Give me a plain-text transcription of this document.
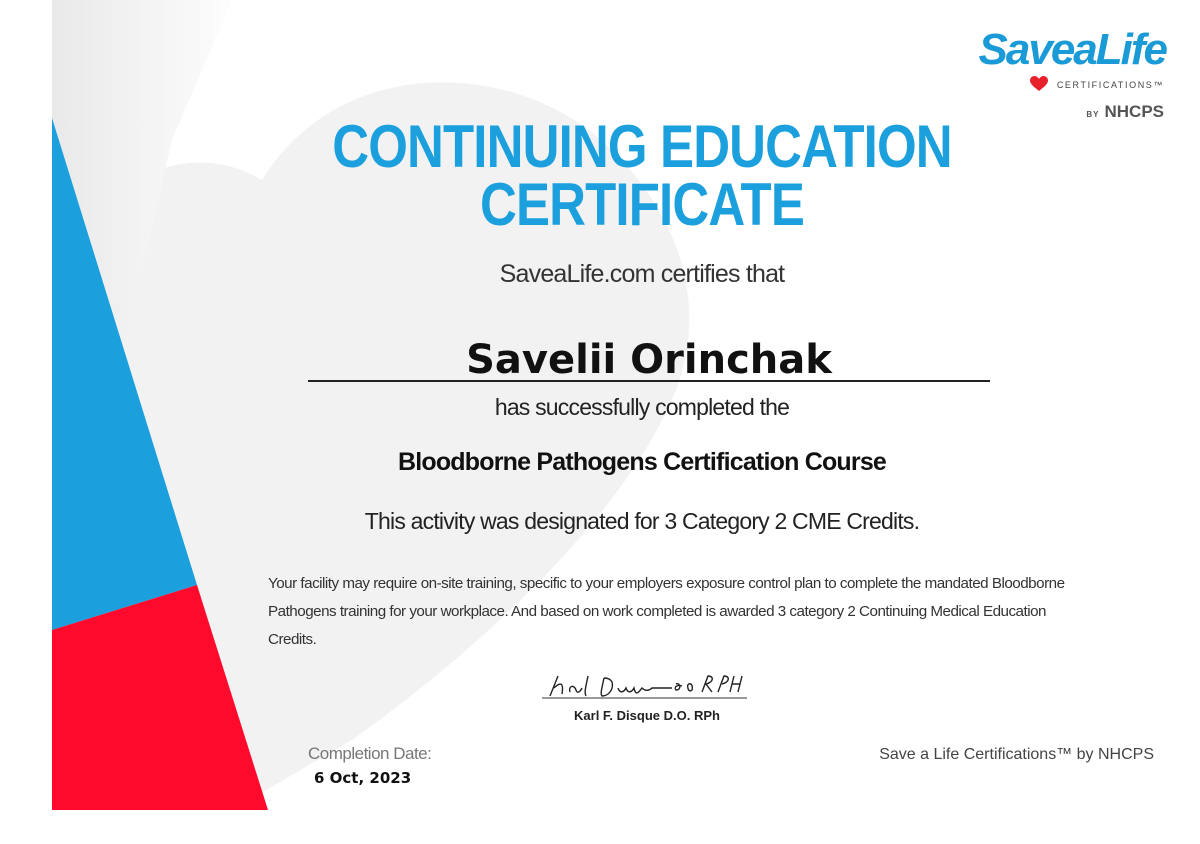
SaveaLife
CERTIFICATIONS™
BY NHCPS
CONTINUING EDUCATION
CERTIFICATE
SaveaLife.com certifies that
Savelii Orinchak
has successfully completed the
Bloodborne Pathogens Certification Course
This activity was designated for 3 Category 2 CME Credits.
Your facility may require on-site training, specific to your employers exposure control plan to complete the mandated Bloodborne
Pathogens training for your workplace. And based on work completed is awarded 3 category 2 Continuing Medical Education Credits.
Karl F. Disque D.O. RPh
Completion Date:
6 Oct, 2023
Save a Life Certifications™ by NHCPS
